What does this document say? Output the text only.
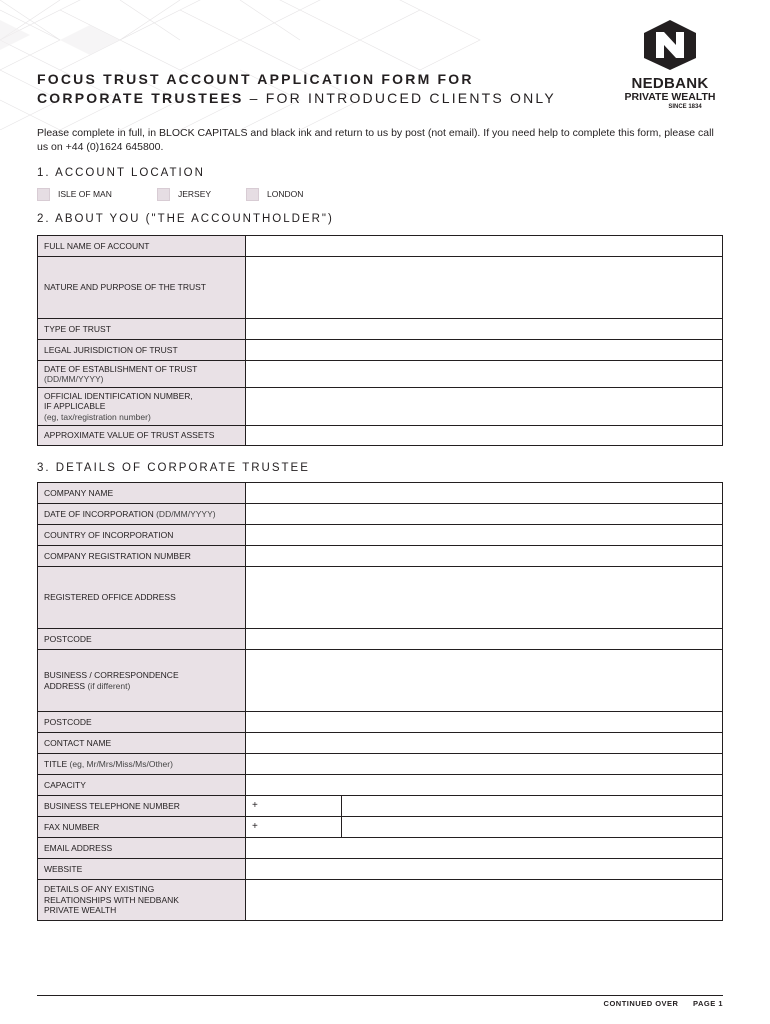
NEDBANK
PRIVATE WEALTH
SINCE 1834
FOCUS TRUST ACCOUNT APPLICATION FORM FOR
CORPORATE TRUSTEES – FOR INTRODUCED CLIENTS ONLY

Please complete in full, in BLOCK CAPITALS and black ink and return to us by post (not email). If you need help to complete this form, please call us on +44 (0)1624 645800.

1. ACCOUNT LOCATION
ISLE OF MAN	JERSEY	LONDON
2. ABOUT YOU ("THE ACCOUNTHOLDER")
FULL NAME OF ACCOUNT	
NATURE AND PURPOSE OF THE TRUST	
TYPE OF TRUST	
LEGAL JURISDICTION OF TRUST	
DATE OF ESTABLISHMENT OF TRUST
(DD/MM/YYYY)	
OFFICIAL IDENTIFICATION NUMBER,
IF APPLICABLE
(eg, tax/registration number)	
APPROXIMATE VALUE OF TRUST ASSETS	
3. DETAILS OF CORPORATE TRUSTEE
COMPANY NAME		
DATE OF INCORPORATION (DD/MM/YYYY)		
COUNTRY OF INCORPORATION		
COMPANY REGISTRATION NUMBER		
REGISTERED OFFICE ADDRESS		
POSTCODE		
BUSINESS / CORRESPONDENCE
ADDRESS (if different)		
POSTCODE		
CONTACT NAME		
TITLE (eg, Mr/Mrs/Miss/Ms/Other)		
CAPACITY		
BUSINESS TELEPHONE NUMBER	+	
FAX NUMBER	+	
EMAIL ADDRESS		
WEBSITE		
DETAILS OF ANY EXISTING
RELATIONSHIPS WITH NEDBANK
PRIVATE WEALTH		
CONTINUED OVER PAGE 1
